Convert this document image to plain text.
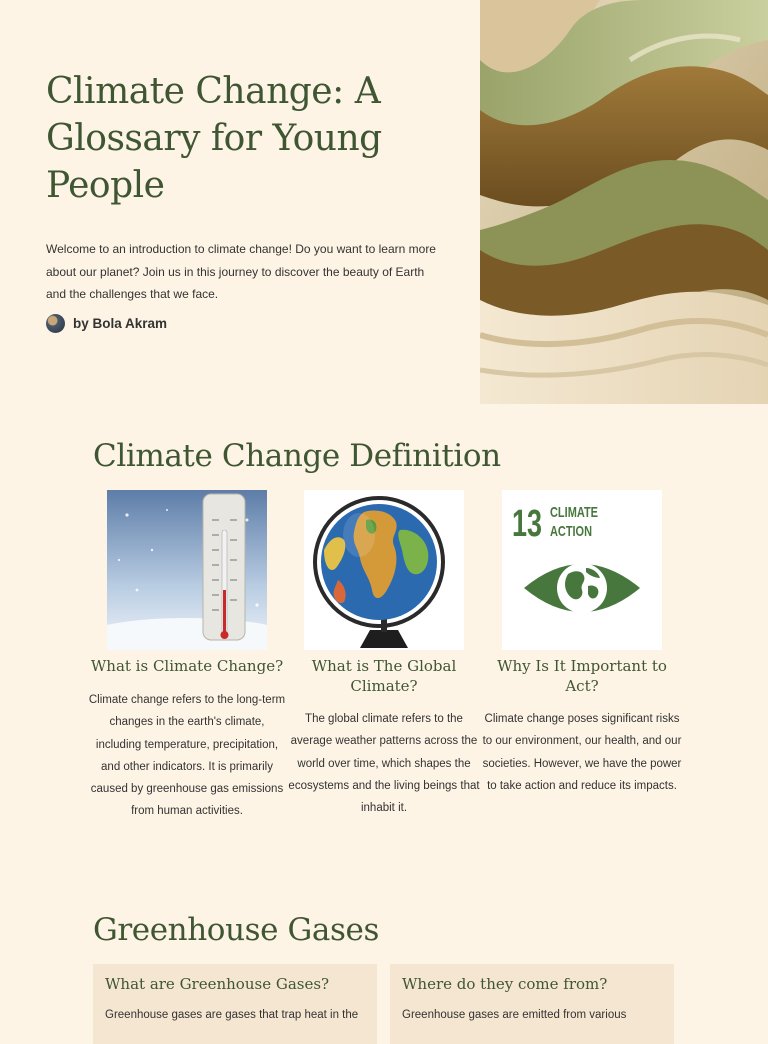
Climate Change: A Glossary for Young People

Welcome to an introduction to climate change! Do you want to learn more about our planet? Join us in this journey to discover the beauty of Earth and the challenges that we face.

by Bola Akram
Climate Change Definition
What is Climate Change?

Climate change refers to the long-term changes in the earth's climate, including temperature, precipitation, and other indicators. It is primarily caused by greenhouse gas emissions from human activities.

What is The Global Climate?

The global climate refers to the average weather patterns across the world over time, which shapes the ecosystems and the living beings that inhabit it.

13 CLIMATE
ACTION
Why Is It Important to Act?

Climate change poses significant risks to our environment, our health, and our societies. However, we have the power to take action and reduce its impacts.

Greenhouse Gases
What are Greenhouse Gases?

Greenhouse gases are gases that trap heat in the

Where do they come from?

Greenhouse gases are emitted from various
